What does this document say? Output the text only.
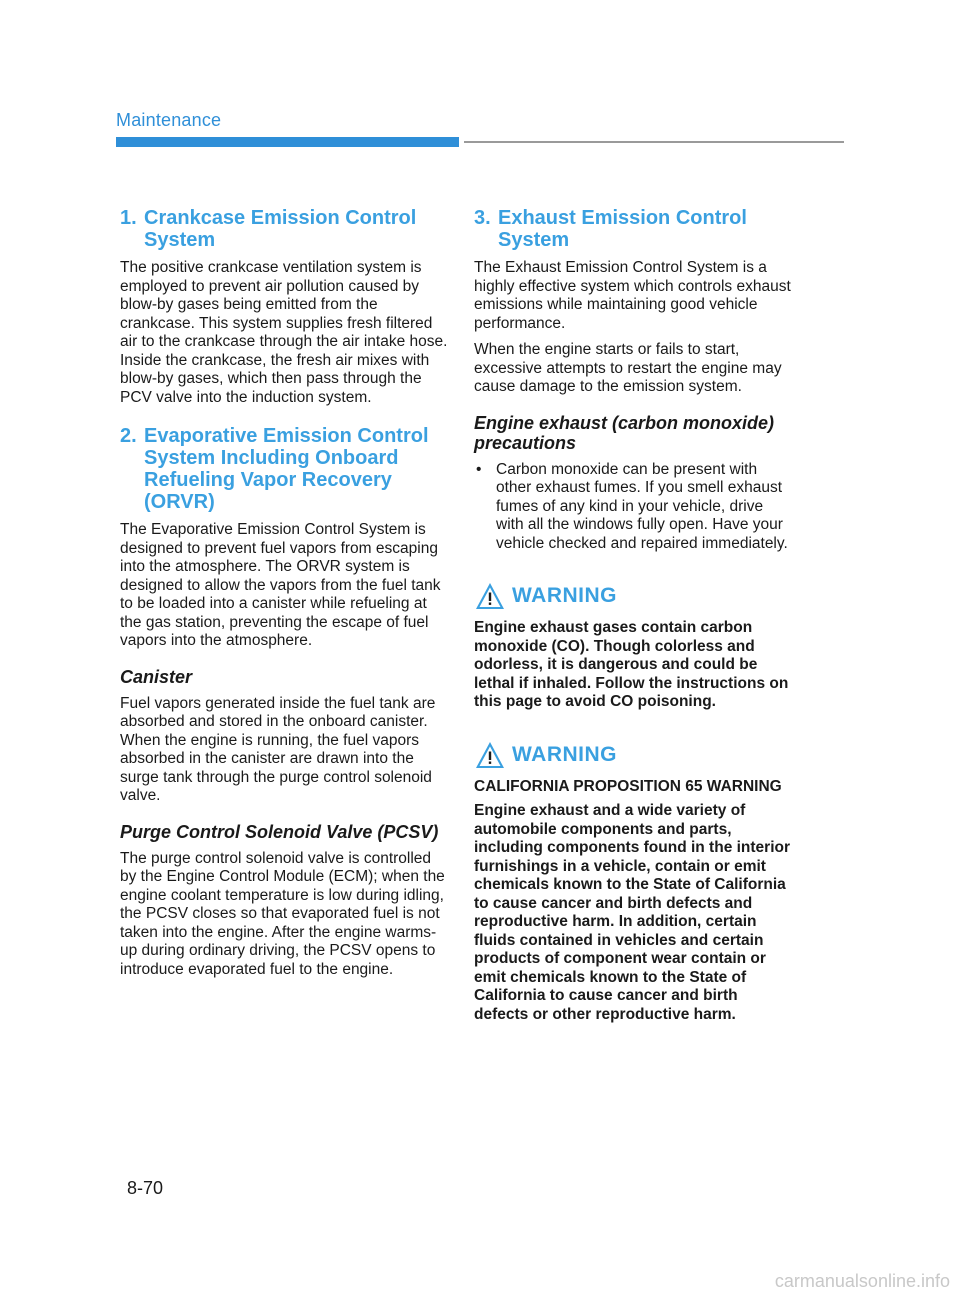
Maintenance
1. Crankcase Emission Control System

The positive crankcase ventilation system is employed to prevent air pollution caused by blow-by gases being emitted from the crankcase. This system supplies fresh filtered air to the crankcase through the air intake hose. Inside the crankcase, the fresh air mixes with blow-by gases, which then pass through the PCV valve into the induction system.

2. Evaporative Emission Control System Including Onboard Refueling Vapor Recovery (ORVR)

The Evaporative Emission Control System is designed to prevent fuel vapors from escaping into the atmosphere. The ORVR system is designed to allow the vapors from the fuel tank to be loaded into a canister while refueling at the gas station, preventing the escape of fuel vapors into the atmosphere.

Canister

Fuel vapors generated inside the fuel tank are absorbed and stored in the onboard canister. When the engine is running, the fuel vapors absorbed in the canister are drawn into the surge tank through the purge control solenoid valve.

Purge Control Solenoid Valve (PCSV)

The purge control solenoid valve is controlled by the Engine Control Module (ECM); when the engine coolant temperature is low during idling, the PCSV closes so that evaporated fuel is not taken into the engine. After the engine warms-up during ordinary driving, the PCSV opens to introduce evaporated fuel to the engine.

3. Exhaust Emission Control System

The Exhaust Emission Control System is a highly effective system which controls exhaust emissions while maintaining good vehicle performance.

When the engine starts or fails to start, excessive attempts to restart the engine may cause damage to the emission system.

Engine exhaust (carbon monoxide) precautions
• Carbon monoxide can be present with other exhaust fumes. If you smell exhaust fumes of any kind in your vehicle, drive with all the windows fully open. Have your vehicle checked and repaired immediately.
WARNING

Engine exhaust gases contain carbon monoxide (CO). Though colorless and odorless, it is dangerous and could be lethal if inhaled. Follow the instructions on this page to avoid CO poisoning.

WARNING

CALIFORNIA PROPOSITION 65 WARNING

Engine exhaust and a wide variety of automobile components and parts, including components found in the interior furnishings in a vehicle, contain or emit chemicals known to the State of California to cause cancer and birth defects and reproductive harm. In addition, certain fluids contained in vehicles and certain products of component wear contain or emit chemicals known to the State of California to cause cancer and birth defects or other reproductive harm.

8-70
carmanualsonline.info
